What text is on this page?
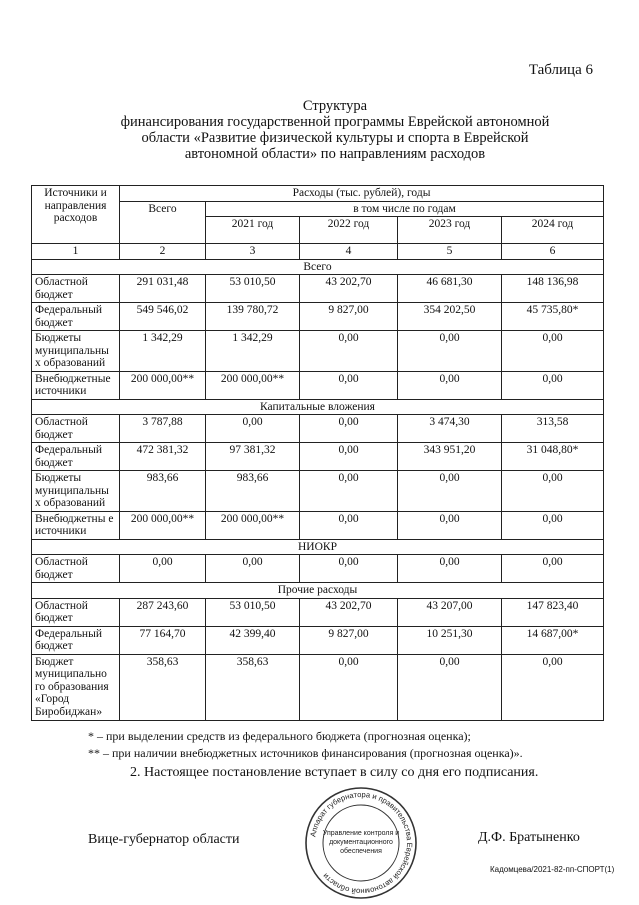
Таблица 6
Структура
финансирования государственной программы Еврейской автономной
области «Развитие физической культуры и спорта в Еврейской
автономной области» по направлениям расходов
Источники и направления расходов	Расходы (тыс. рублей), годы				
	Всего	в том числе по годам			
		2021 год	2022 год	2023 год	2024 год
1	2	3	4	5	6
Всего					
Областной бюджет	291 031,48	53 010,50	43 202,70	46 681,30	148 136,98
Федеральный бюджет	549 546,02	139 780,72	9 827,00	354 202,50	45 735,80*
Бюджеты муниципальны х образований	1 342,29	1 342,29	0,00	0,00	0,00
Внебюджетные источники	200 000,00**	200 000,00**	0,00	0,00	0,00
Капитальные вложения					
Областной бюджет	3 787,88	0,00	0,00	3 474,30	313,58
Федеральный бюджет	472 381,32	97 381,32	0,00	343 951,20	31 048,80*
Бюджеты муниципальны х образований	983,66	983,66	0,00	0,00	0,00
Внебюджетны е источники	200 000,00**	200 000,00**	0,00	0,00	0,00
НИОКР					
Областной бюджет	0,00	0,00	0,00	0,00	0,00
Прочие расходы					
Областной бюджет	287 243,60	53 010,50	43 202,70	43 207,00	147 823,40
Федеральный бюджет	77 164,70	42 399,40	9 827,00	10 251,30	14 687,00*
Бюджет муниципально го образования «Город Биробиджан»	358,63	358,63	0,00	0,00	0,00
* – при выделении средств из федерального бюджета (прогнозная оценка);
** – при наличии внебюджетных источников финансирования (прогнозная оценка)».
2. Настоящее постановление вступает в силу со дня его подписания.
Вице-губернатор области	Д.Ф. Братыненко
Аппарат губернатора и правительства Еврейской автономной области
Управление контроля и
документационного
обеспечения
Кадомцева/2021-82-пп-СПОРТ(1)
